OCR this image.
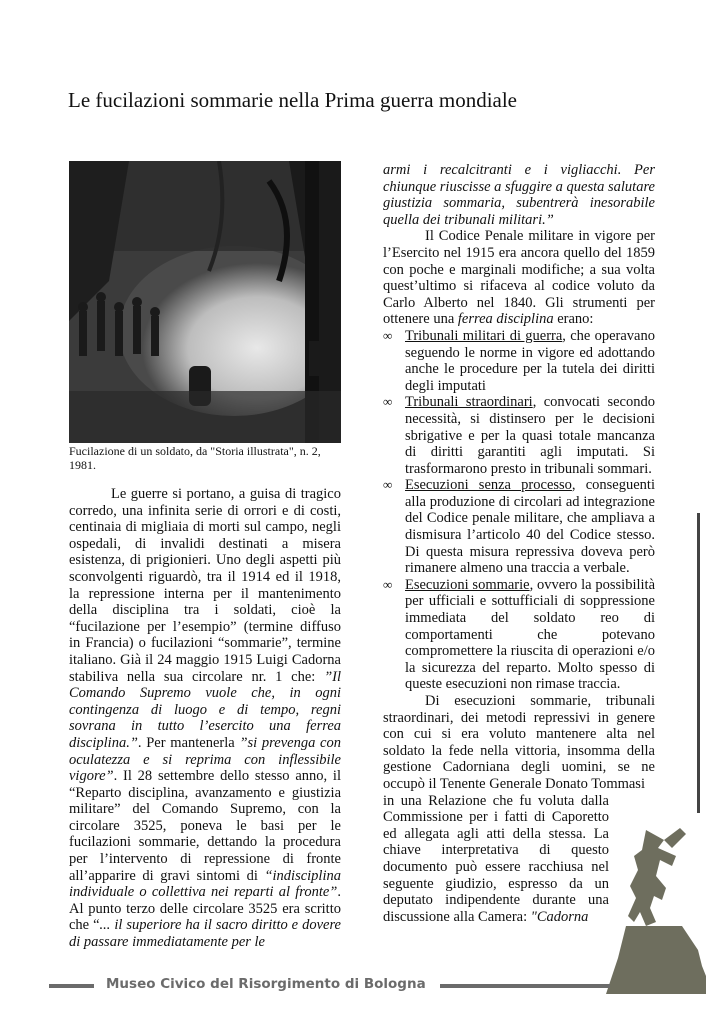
Le fucilazioni sommarie nella Prima guerra mondiale
Fucilazione di un soldato, da "Storia illustrata", n. 2, 1981.

Le guerre si portano, a guisa di tragico corredo, una infinita serie di orrori e di costi, centinaia di migliaia di morti sul campo, negli ospedali, di invalidi destinati a misera esistenza, di prigionieri. Uno degli aspetti più sconvolgenti riguardò, tra il 1914 ed il 1918, la repressione interna per il mantenimento della disciplina tra i soldati, cioè la “fucilazione per l’esempio” (termine diffuso in Francia) o fucilazioni “sommarie”, termine italiano. Già il 24 maggio 1915 Luigi Cadorna stabiliva nella sua circolare nr. 1 che: ”Il Comando Supremo vuole che, in ogni contingenza di luogo e di tempo, regni sovrana in tutto l’esercito una ferrea disciplina.”. Per mantenerla ”si prevenga con oculatezza e si reprima con inflessibile vigore”. Il 28 settembre dello stesso anno, il “Reparto disciplina, avanzamento e giustizia militare” del Comando Supremo, con la circolare 3525, poneva le basi per le fucilazioni sommarie, dettando la procedura per l’intervento di repressione di fronte all’apparire di gravi sintomi di “indisciplina individuale o collettiva nei reparti al fronte”. Al punto terzo delle circolare 3525 era scritto che “... il superiore ha il sacro diritto e dovere di passare immediatamente per le

armi i recalcitranti e i vigliacchi. Per chiunque riuscisse a sfuggire a questa salutare giustizia sommaria, subentrerà inesorabile quella dei tribunali militari.”

Il Codice Penale militare in vigore per l’Esercito nel 1915 era ancora quello del 1859 con poche e marginali modifiche; a sua volta quest’ultimo si rifaceva al codice voluto da Carlo Alberto nel 1840. Gli strumenti per ottenere una ferrea disciplina erano:

∞ Tribunali militari di guerra, che operavano seguendo le norme in vigore ed adottando anche le procedure per la tutela dei diritti degli imputati
∞ Tribunali straordinari, convocati secondo necessità, si distinsero per le decisioni sbrigative e per la quasi totale mancanza di diritti garantiti agli imputati. Si trasformarono presto in tribunali sommari.
∞ Esecuzioni senza processo, conseguenti alla produzione di circolari ad integrazione del Codice penale militare, che ampliava a dismisura l’articolo 40 del Codice stesso. Di questa misura repressiva doveva però rimanere almeno una traccia a verbale.
∞ Esecuzioni sommarie, ovvero la possibilità per ufficiali e sottufficiali di soppressione immediata del soldato reo di comportamenti che potevano compromettere la riuscita di operazioni e/o la sicurezza del reparto. Molto spesso di queste esecuzioni non rimase traccia.

Di esecuzioni sommarie, tribunali straordinari, dei metodi repressivi in genere con cui si era voluto mantenere alta nel soldato la fede nella vittoria, insomma della gestione Cadorniana degli uomini, se ne occupò il Tenente Generale Donato Tommasi

in una Relazione che fu voluta dalla Commissione per i fatti di Caporetto ed allegata agli atti della stessa. La chiave interpretativa di questo documento può essere racchiusa nel seguente giudizio, espresso da un deputato indipendente durante una discussione alla Camera: "Cadorna

Museo Civico del Risorgimento di Bologna
